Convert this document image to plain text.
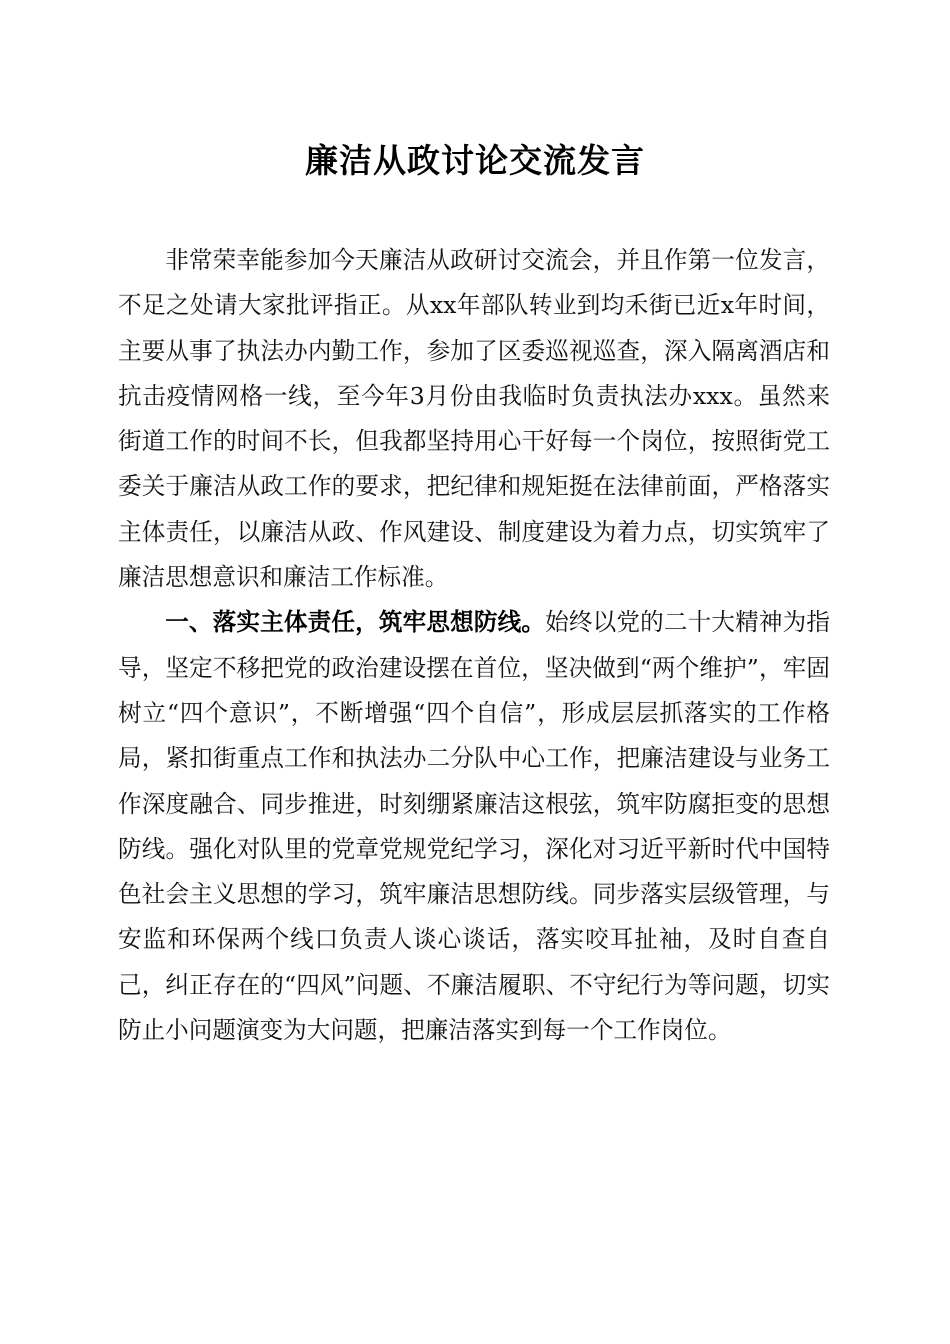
廉洁从政讨论交流发言

非常荣幸能参加今天廉洁从政研讨交流会，并且作第一位发言，不足之处请大家批评指正。从xx年部队转业到均禾街已近x年时间，主要从事了执法办内勤工作，参加了区委巡视巡查，深入隔离酒店和抗击疫情网格一线，至今年3月份由我临时负责执法办xxx。虽然来街道工作的时间不长，但我都坚持用心干好每一个岗位，按照街党工委关于廉洁从政工作的要求，把纪律和规矩挺在法律前面，严格落实主体责任，以廉洁从政、作风建设、制度建设为着力点，切实筑牢了廉洁思想意识和廉洁工作标准。

一、落实主体责任，筑牢思想防线。始终以党的二十大精神为指导，坚定不移把党的政治建设摆在首位，坚决做到“两个维护”，牢固树立“四个意识”，不断增强“四个自信”，形成层层抓落实的工作格局，紧扣街重点工作和执法办二分队中心工作，把廉洁建设与业务工作深度融合、同步推进，时刻绷紧廉洁这根弦，筑牢防腐拒变的思想防线。强化对队里的党章党规党纪学习，深化对习近平新时代中国特色社会主义思想的学习，筑牢廉洁思想防线。同步落实层级管理，与安监和环保两个线口负责人谈心谈话，落实咬耳扯袖，及时自查自己，纠正存在的“四风”问题、不廉洁履职、不守纪行为等问题，切实防止小问题演变为大问题，把廉洁落实到每一个工作岗位。
